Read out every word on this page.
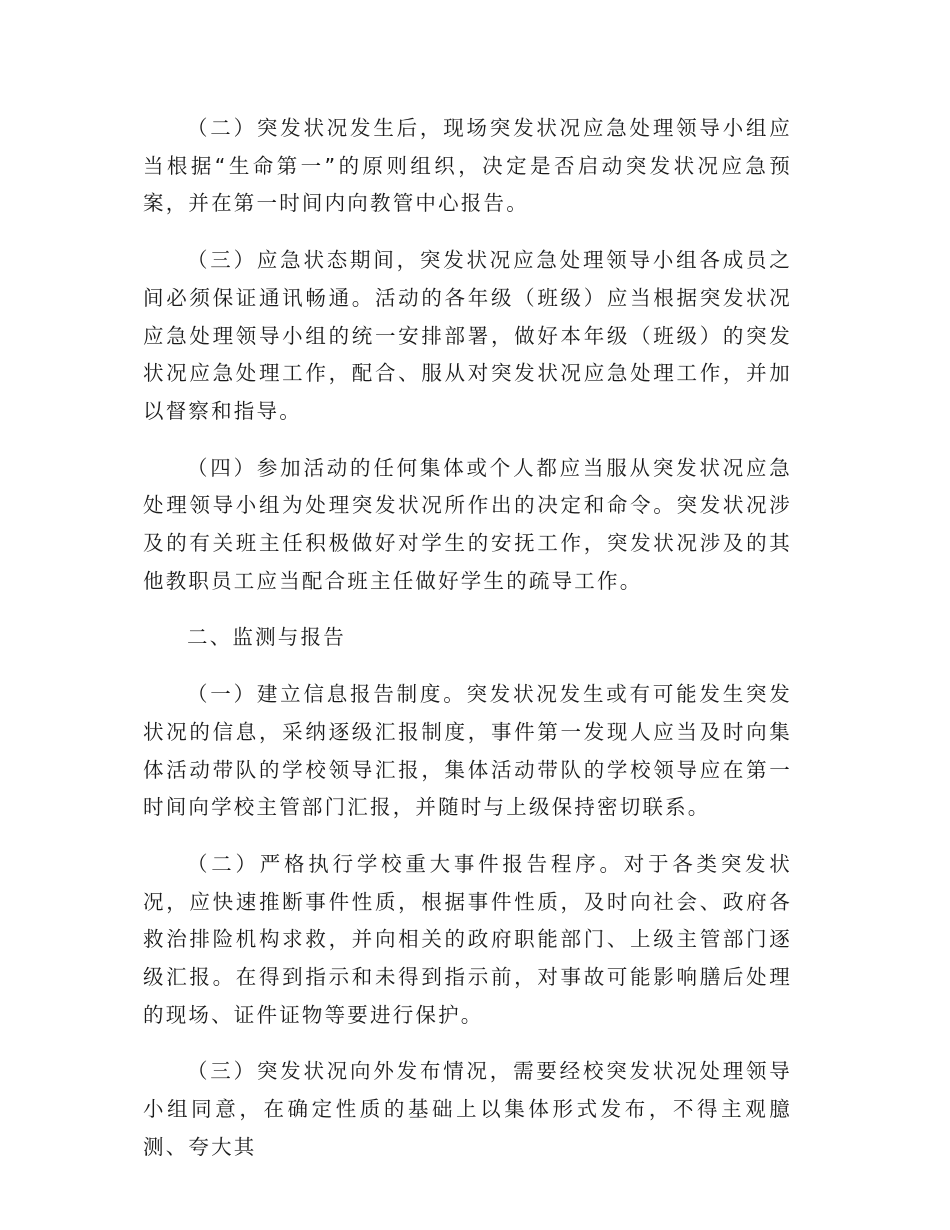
（二）突发状况发生后，现场突发状况应急处理领导小组应当根据“生命第一”的原则组织，决定是否启动突发状况应急预案，并在第一时间内向教管中心报告。

（三）应急状态期间，突发状况应急处理领导小组各成员之间必须保证通讯畅通。活动的各年级（班级）应当根据突发状况应急处理领导小组的统一安排部署，做好本年级（班级）的突发状况应急处理工作，配合、服从对突发状况应急处理工作，并加以督察和指导。

（四）参加活动的任何集体或个人都应当服从突发状况应急处理领导小组为处理突发状况所作出的决定和命令。突发状况涉及的有关班主任积极做好对学生的安抚工作，突发状况涉及的其他教职员工应当配合班主任做好学生的疏导工作。

二、监测与报告

（一）建立信息报告制度。突发状况发生或有可能发生突发状况的信息，采纳逐级汇报制度，事件第一发现人应当及时向集体活动带队的学校领导汇报，集体活动带队的学校领导应在第一时间向学校主管部门汇报，并随时与上级保持密切联系。

（二）严格执行学校重大事件报告程序。对于各类突发状况，应快速推断事件性质，根据事件性质，及时向社会、政府各救治排险机构求救，并向相关的政府职能部门、上级主管部门逐级汇报。在得到指示和未得到指示前，对事故可能影响膳后处理的现场、证件证物等要进行保护。

（三）突发状况向外发布情况，需要经校突发状况处理领导小组同意，在确定性质的基础上以集体形式发布，不得主观臆测、夸大其
